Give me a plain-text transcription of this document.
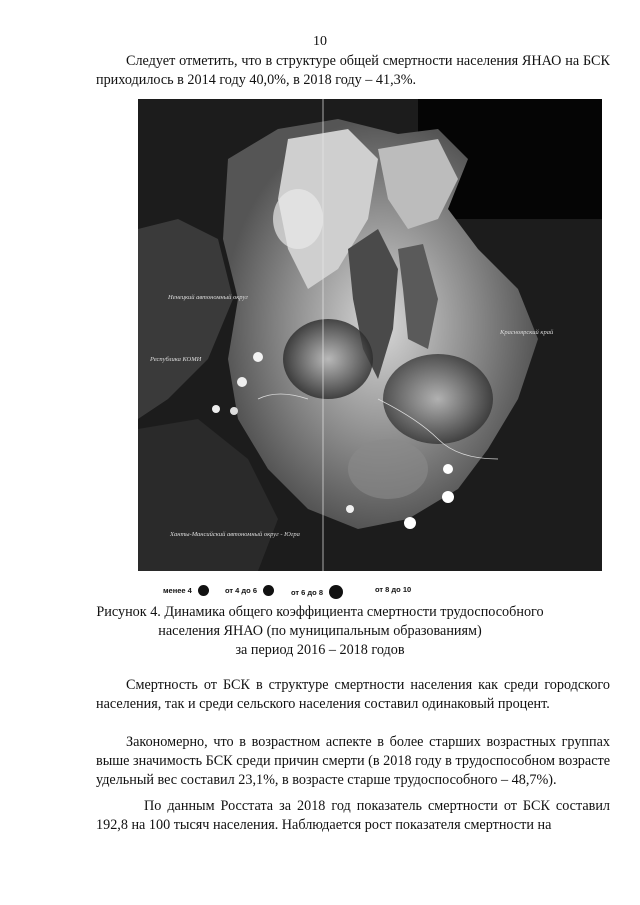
10

Следует отметить, что в структуре общей смертности населения ЯНАО на БСК приходилось в 2014 году 40,0%, в 2018 году – 41,3%.

Ненецкий автономный округ
Республика КОМИ
Красноярский край
Ханты-Мансийский автономный округ - Югра
менее 4	от 4 до 6	от 6 до 8	от 8 до 10
Рисунок 4. Динамика общего коэффициента смертности трудоспособного
населения ЯНАО (по муниципальным образованиям)
за период 2016 – 2018 годов

Смертность от БСК в структуре смертности населения как среди городского населения, так и среди сельского населения составил одинаковый процент.

Закономерно, что в возрастном аспекте в более старших возрастных группах выше значимость БСК среди причин смерти (в 2018 году в трудоспособном возрасте удельный вес составил 23,1%, в возрасте старше трудоспособного – 48,7%).

По данным Росстата за 2018 год показатель смертности от БСК составил 192,8 на 100 тысяч населения. Наблюдается рост показателя смертности на
